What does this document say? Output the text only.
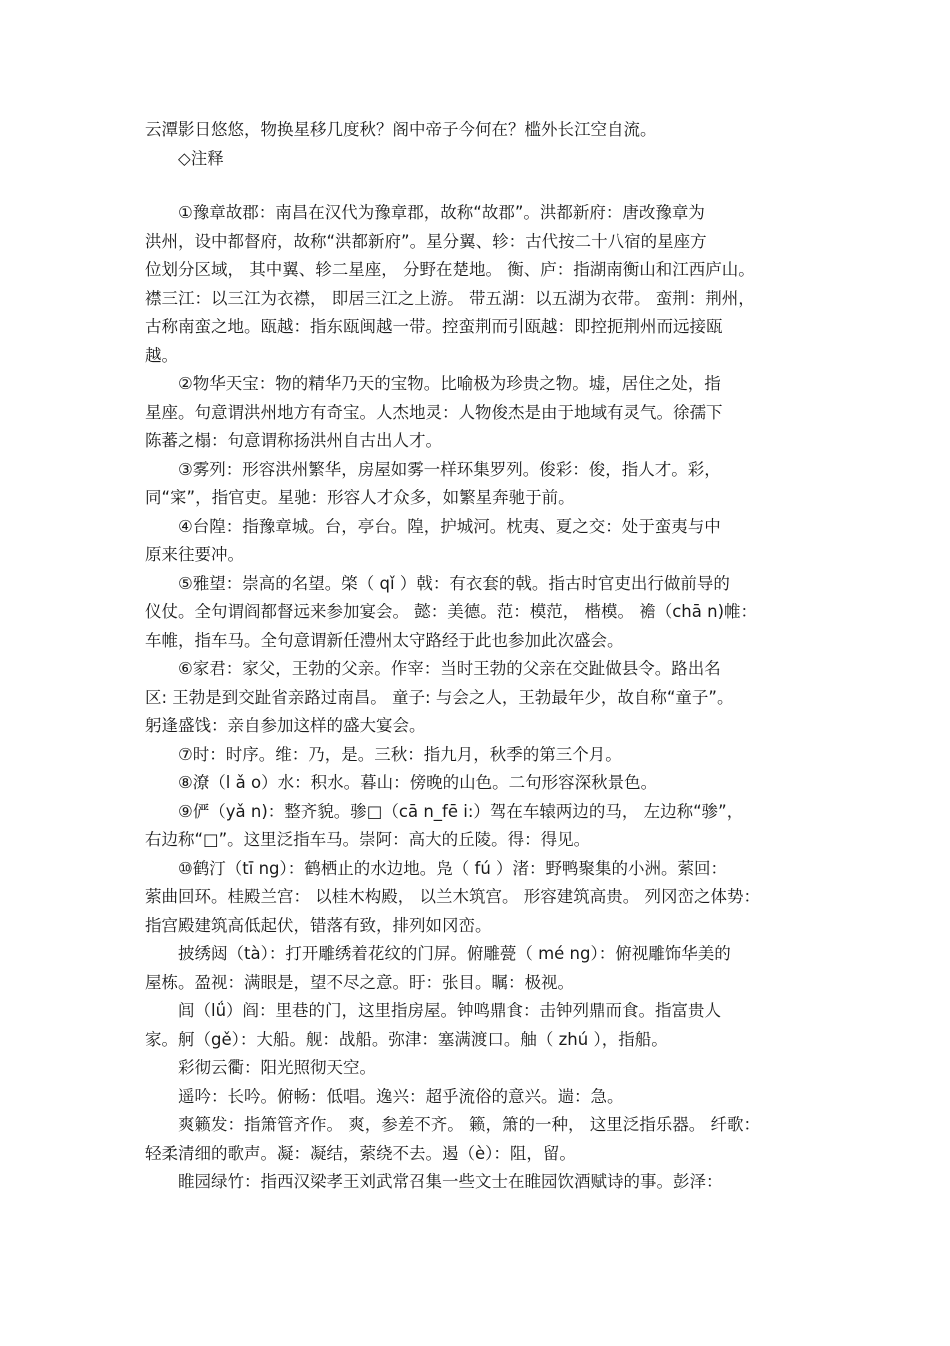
云潭影日悠悠，物换星移几度秋？阁中帝子今何在？槛外长江空自流。

◇注释

①豫章故郡：南昌在汉代为豫章郡，故称“故郡”。洪都新府：唐改豫章为

洪州，设中都督府，故称“洪都新府”。星分翼、轸：古代按二十八宿的星座方

位划分区域， 其中翼、轸二星座， 分野在楚地。 衡、庐：指湖南衡山和江西庐山。

襟三江：以三江为衣襟， 即居三江之上游。 带五湖：以五湖为衣带。 蛮荆：荆州，

古称南蛮之地。瓯越：指东瓯闽越一带。控蛮荆而引瓯越：即控扼荆州而远接瓯

越。

②物华天宝：物的精华乃天的宝物。比喻极为珍贵之物。墟，居住之处，指

星座。句意谓洪州地方有奇宝。人杰地灵：人物俊杰是由于地域有灵气。徐孺下

陈蕃之榻：句意谓称扬洪州自古出人才。

③雾列：形容洪州繁华，房屋如雾一样环集罗列。俊彩：俊，指人才。彩，

同“寀”，指官吏。星驰：形容人才众多，如繁星奔驰于前。

④台隍：指豫章城。台，亭台。隍，护城河。枕夷、夏之交：处于蛮夷与中

原来往要冲。

⑤雅望：崇高的名望。棨（ qǐ ）戟：有衣套的戟。指古时官吏出行做前导的

仪仗。全句谓阎都督远来参加宴会。 懿：美德。范：模范， 楷模。 襜（chā n)帷：

车帷，指车马。全句意谓新任澧州太守路经于此也参加此次盛会。

⑥家君：家父，王勃的父亲。作宰：当时王勃的父亲在交趾做县令。路出名

区: 王勃是到交趾省亲路过南昌。 童子: 与会之人，王勃最年少，故自称“童子”。

躬逢盛饯：亲自参加这样的盛大宴会。

⑦时：时序。维：乃，是。三秋：指九月，秋季的第三个月。

⑧潦（l ǎ o）水：积水。暮山：傍晚的山色。二句形容深秋景色。

⑨俨（yǎ n)：整齐貌。骖□（cā n_fē i:）驾在车辕两边的马， 左边称“骖”，

右边称“□”。这里泛指车马。崇阿：高大的丘陵。得：得见。

⑩鹤汀（tī ng）：鹤栖止的水边地。凫（ fú ）渚：野鸭聚集的小洲。萦回：

萦曲回环。桂殿兰宫： 以桂木构殿， 以兰木筑宫。 形容建筑高贵。 列冈峦之体势：

指宫殿建筑高低起伏，错落有致，排列如冈峦。

披绣闼（tà）：打开雕绣着花纹的门屏。俯雕甍（ mé ng）：俯视雕饰华美的

屋栋。盈视：满眼是，望不尽之意。盱：张目。瞩：极视。

闾（lǘ）阎：里巷的门，这里指房屋。钟鸣鼎食：击钟列鼎而食。指富贵人

家。舸（gě）：大船。舰：战船。弥津：塞满渡口。舳（ zhú ），指船。

彩彻云衢：阳光照彻天空。

遥吟：长吟。俯畅：低唱。逸兴：超乎流俗的意兴。遄：急。

爽籁发：指箫管齐作。 爽，参差不齐。 籁，箫的一种， 这里泛指乐器。 纤歌：

轻柔清细的歌声。凝：凝结，萦绕不去。遏（è）：阻，留。

睢园绿竹：指西汉梁孝王刘武常召集一些文士在睢园饮酒赋诗的事。彭泽：
